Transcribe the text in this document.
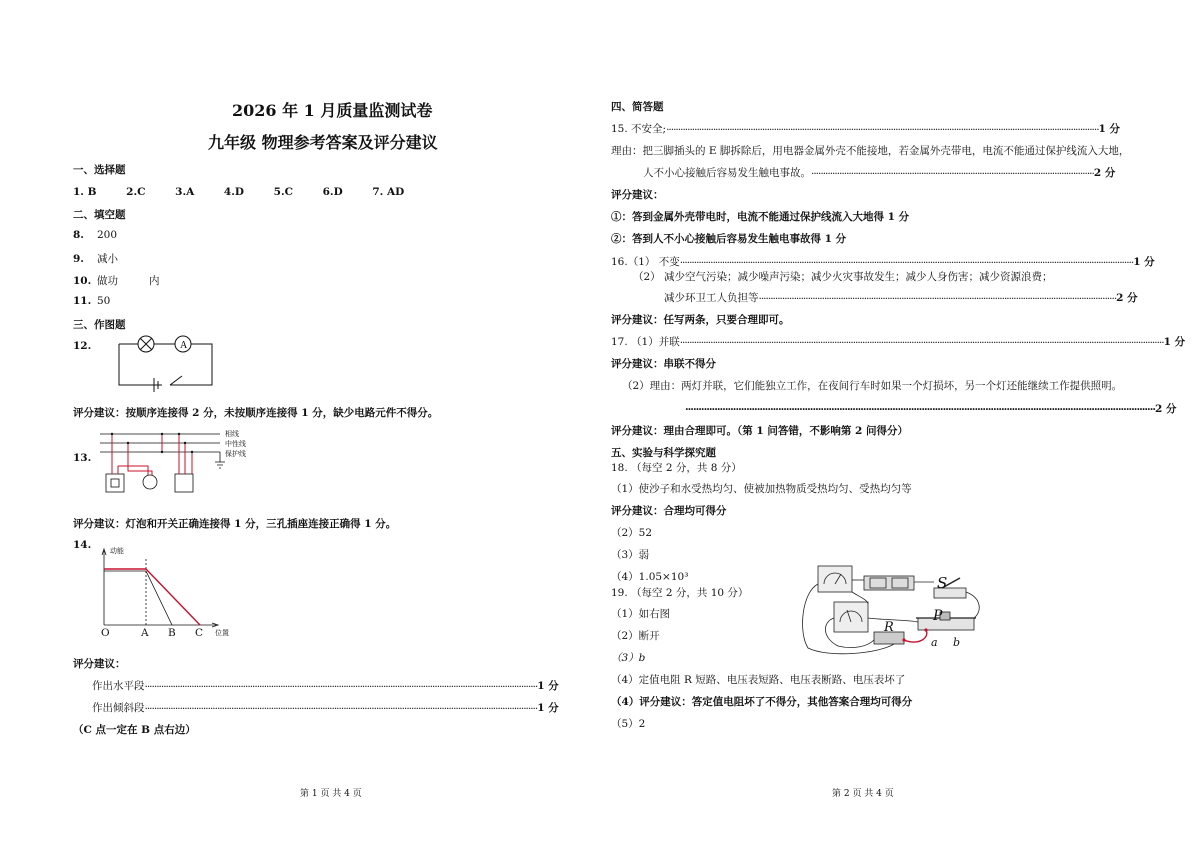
2026 年 1 月质量监测试卷
九年级 物理参考答案及评分建议
一、选择题
1. B	2.C	3.A	4.D	5.C	6.D	7. AD
二、填空题
8. 200
9. 减小
10. 做功	内
11. 50
三、作图题
12.	A
评分建议：按顺序连接得 2 分，未按顺序连接得 1 分，缺少电路元件不得分。
13.
相线
中性线
保护线
评分建议：灯泡和开关正确连接得 1 分，三孔插座连接正确得 1 分。
14.	动能
位置
O	A B C
评分建议：
作出水平段 ........................................................................................................................................................................ 1 分
作出倾斜段 ........................................................................................................................................................................ 1 分
（C 点一定在 B 点右边）
第 1 页 共 4 页
四、简答题
15. 不安全; ......................................................................................................................................................................................... 1 分
理由：把三脚插头的 E 脚拆除后，用电器金属外壳不能接地，若金属外壳带电，电流不能通过保护线流入大地，
人不小心接触后容易发生触电事故。 ......................................................................................................................... 2 分
评分建议：
①：答到金属外壳带电时，电流不能通过保护线流入大地得 1 分
②：答到人不小心接触后容易发生触电事故得 1 分
16.（1） 不变 .................................................................................................................................................................................................. 1 分
（2） 减少空气污染；减少噪声污染；减少火灾事故发生；减少人身伤害；减少资源浪费；
减少环卫工人负担等 ......................................................................................................................................................... 2 分
评分建议：任写两条，只要合理即可。
17. （1）并联 ............................................................................................................................................................................................................... 1 分
评分建议：串联不得分
（2）理由：两灯并联，它们能独立工作，在夜间行车时如果一个灯损坏，另一个灯还能继续工作提供照明。
................................................................................................................................................................................. 2 分
评分建议：理由合理即可。（第 1 问答错，不影响第 2 问得分）
五、实验与科学探究题
18. （每空 2 分，共 8 分）
（1）使沙子和水受热均匀、使被加热物质受热均匀、受热均匀等
评分建议：合理均可得分
（2）52
（3）弱
（4）1.05×10³
19. （每空 2 分，共 10 分）
（1）如右图
（2）断开
（3）b
（4）定值电阻 R 短路、电压表短路、电压表断路、电压表坏了
（4）评分建议：答定值电阻坏了不得分，其他答案合理均可得分
（5）2
S
P
R
a b
第 2 页 共 4 页
